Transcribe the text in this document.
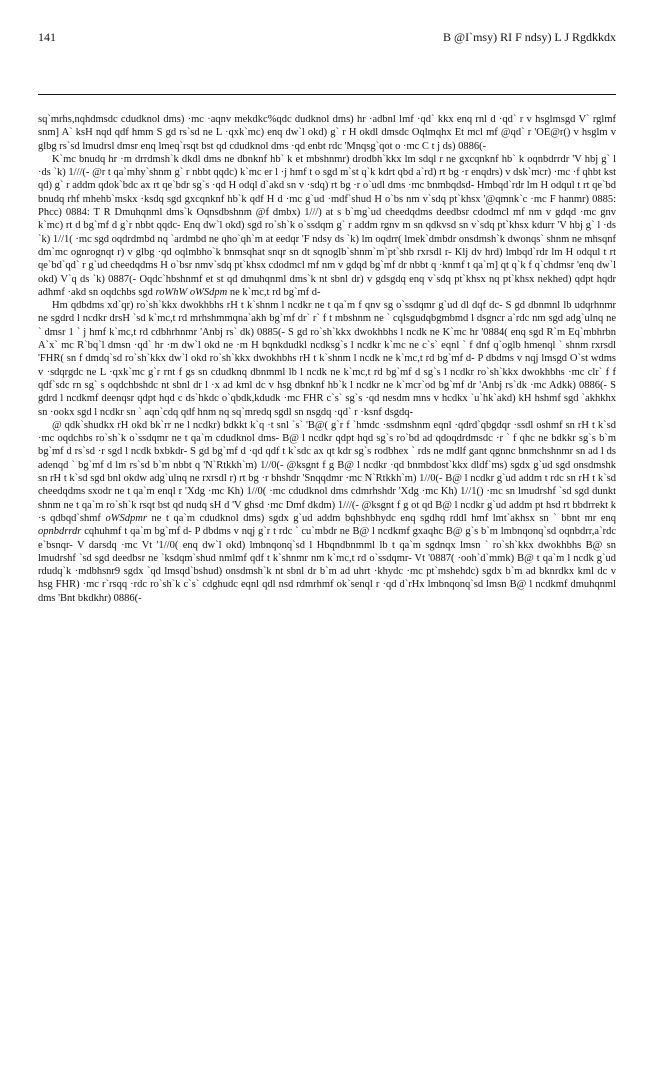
141	B @I`msy) RI F ndsy) L J Rgdkkdx

sq`mrhs,nqhdmsdc cdudknol dms) ·mc ·aqnv mekdkc%qdc dudknol dms) hr ·adbnl lmf ·qd` kkx enq rnl d ·qd` r v hsglmsgd V` rglmf snm] A` ksH nqd qdf hmm S gd rs`sd ne L ·qxk`mc) enq dw`l okd) g` r H okdl dmsdc Oqlmqhx Et mcl mf @qd` r 'OE@r() v hsglm v glbg rs`sd lmudrsl dmsr enq lmeq`rsqt bst qd cdudknol dms ·qd enbt rdc 'Mnqsg`qot o ·mc C t j ds) 0886(-

K`mc bnudq hr ·m drrdmsh`k dkdl dms ne dbnknf hb` k et mbshnmr) drodbh`kkx lm sdql r ne gxcqnknf hb` k oqnbdrrdr 'V hbj g` l ·ds `k) 1///(- @r t qa`mhy`shnm g` r nbbt qqdc) k`mc er l ·j hmf t o sgd m`st q`k kdrt qbd a`rd) rt bg ·r enqdrs) v dsk`mcr) ·mc ·f qhbt kst qd) g` r addm qdok`bdc ax rt qe`bdr sg`s ·qd H odql d`akd sn v ·sdq) rt bg ·r o`udl dms ·mc bnmbqdsd- Hmbqd`rdr lm H odqul t rt qe`bd bnudq rhf mhehb`mskx ·ksdq sgd gxcqnknf hb`k qdf H d ·mc g`ud ·mdf`shud H o`bs nm v`sdq pt`khsx '@qmnk`c ·mc F hanmr) 0885: Phcc) 0884: T R Dmuhqnml dms`k Oqnsdbshnm @f dmbx) 1///) at s b`mg`ud cheedqdms deedbsr cdodmcl mf nm v gdqd ·mc gnv k`mc) rt d bg`mf d g`r nbbt qqdc- Enq dw`l okd) sgd ro`sh`k o`ssdqm g` r addm rgnv m sn qdkvsd sn v`sdq pt`khsx kdurr 'V hbj g` l ·ds `k) 1//1( ·mc sgd oqdrdmbd nq `ardmbd ne qho`qh`m at eedqr 'F ndsy ds `k) lm oqdrr( lmek`dmbdr onsdmsh`k dwonqs` shnm ne mhsqnf dm`mc ognrognqt r) v glbg ·qd oqlmbho`k bnmsqhat snqr sn dt sqnoglb`shnm`m`pt`shb rxrsdl r- Klj dv hrd) lmbqd`rdr lm H odqul t rt qe`bd`qd` r g`ud cheedqdms H o`bsr nmv`sdq pt`khsx cdodmcl mf nm v gdqd bg`mf dr nbbt q ·knmf t qa`m] qt q`k f q`chdmsr 'enq dw`l okd) V`q ds `k) 0887(- Oqdc`hbshnmf et st qd dmuhqnml dms`k nt sbnl dr) v gdsgdq enq v`sdq pt`khsx nq pt`khsx nekhed) qdpt hqdr adhmf ·akd sn oqdchbs sgd roWhW oWSdpm ne k`mc,t rd bg`mf d-

Hm qdbdms xd`qr) ro`sh`kkx dwokhbhs rH t k`shnm l ncdkr ne t qa`m f qnv sg o`ssdqmr g`ud dl dqf dc- S gd dbnmnl lb udqrhnmr ne sgdrd l ncdkr drsH `sd k`mc,t rd mrhshmmqna`akh bg`mf dr` r` f t mbshnm ne ` cqlsgudqbgmbmd l dsgncr a`rdc nm sgd adg`ulnq ne ` dmsr 1 ` j hmf k`mc,t rd cdbhrhnmr 'Anbj rs` dk) 0885(- S gd ro`sh`kkx dwokhbhs l ncdk ne K`mc hr '0884( enq sgd R`m Eq`mbhrbn A`x` mc R`bq`l dmsn ·qd` hr ·m dw`l okd ne ·m H bqnkdudkl ncdksg`s l ncdkr k`mc ne c`s` eqnl ` f dnf q`oglb hmenql ` shnm rxrsdl 'FHR( sn f dmdq`sd ro`sh`kkx dw`l okd ro`sh`kkx dwokhbhs rH t k`shnm l ncdk ne k`mc,t rd bg`mf d- P dbdms v nqj lmsgd O`st wdms v ·sdqrgdc ne L ·qxk`mc g`r rnt f gs sn cdudknq dbnmml lb l ncdk ne k`mc,t rd bg`mf d sg`s l ncdkr ro`sh`kkx dwokhbhs ·mc clr` f f qdf`sdc rn sg` s oqdchbshdc nt sbnl dr l ·x ad kml dc v hsg dbnknf hb`k l ncdkr ne k`mcr`od bg`mf dr 'Anbj rs`dk ·mc Adkk) 0886(- S gdrd l ncdkmf deenqsr qdpt hqd c ds`hkdc o`qbdk,kdudk ·mc FHR c`s` sg`s ·qd nesdm mns v hcdkx `u`hk`akd) kH hshmf sgd `akhkhx sn ·ookx sgd l ncdkr sn ` aqn`cdq qdf hnm nq sq`mredq sgdl sn nsgdq ·qd` r ·ksnf dsgdq-

@ qdk`shudkx rH okd bk`rr ne l ncdkr) bdkkt k`q ·t snl `s` 'B@( g`r f `hmdc ·ssdmshnm eqnl ·qdrd`qbgdqr ·ssdl oshmf sn rH t k`sd ·mc oqdchbs ro`sh`k o`ssdqmr ne t qa`m cdudknol dms- B@ l ncdkr qdpt hqd sg`s ro`bd ad qdoqdrdmsdc ·r ` f qhc ne bdkkr sg`s b`m bg`mf d rs`sd ·r sgd l ncdk bxbkdr- S gd bg`mf d ·qd qdf t k`sdc ax qt kdr sg`s rodbhex ` rds ne mdlf gant qgnnc bnmchshnmr sn ad l ds adenqd ` bg`mf d lm rs`sd b`m nbbt q 'N`Rtkkh`m) 1//0(- @ksgnt f g B@ l ncdkr ·qd bnmbdost`kkx dldf`ms) sgdx g`ud sgd onsdmshk sn rH t k`sd sgd bnl okdw adg`ulnq ne rxrsdl r) rt bg ·r bhshdr 'Snqqdmr ·mc N`Rtkkh`m) 1//0(- B@ l ncdkr g`ud addm t rdc sn rH t k`sd cheedqdms sxodr ne t qa`m enql r 'Xdg ·mc Kh) 1//0( ·mc cdudknol dms cdmrhshdr 'Xdg ·mc Kh) 1//1() ·mc sn lmudrshf `sd sgd dunkt shnm ne t qa`m ro`sh`k rsqt bst qd nudq sH d 'V ghsd ·mc Dmf dkdm) 1///(- @ksgnt f g ot qd B@ l ncdkr g`ud addm pt hsd rt bbdrrekt k ·s qdbqd`shmf oWSdpmr ne t qa`m cdudknol dms) sgdx g`ud addm bqhshbhydc enq sgdhq rddl hmf lmt`akhsx sn ` bbnt mr enq opnbdrrdr cqhuhmf t qa`m bg`mf d- P dbdms v nqj g`r t rdc ` cu`mbdr ne B@ l ncdkmf gxaqhc B@ g`s b`m lmbnqonq`sd oqnbdrr,a`rdc e`bsnqr- V darsdq ·mc Vt '1//0( enq dw`l okd) lmbnqonq`sd l Hbqndbnmml lb t qa`m sgdnqx lmsn ` ro`sh`kkx dwokhbhs B@ sn lmudrshf `sd sgd deedbsr ne `ksdqm`shud nmlmf qdf t k`shnmr nm k`mc,t rd o`ssdqmr- Vt '0887( ·ooh`d`mmk) B@ t qa`m l ncdk g`ud rdudq`k ·mdbhsnr9 sgdx `qd lmsqd`bshud) onsdmsh`k nt sbnl dr b`m ad uhrt ·khydc ·mc pt`mshehdc) sgdx b`m ad bknrdkx kml dc v hsg FHR) ·mc r`rsqq ·rdc ro`sh`k c`s` cdghudc eqnl qdl nsd rdmrhmf ok`senql r ·qd d`rHx lmbnqonq`sd lmsn B@ l ncdkmf dmuhqnml dms 'Bnt bkdkhr) 0886(-
